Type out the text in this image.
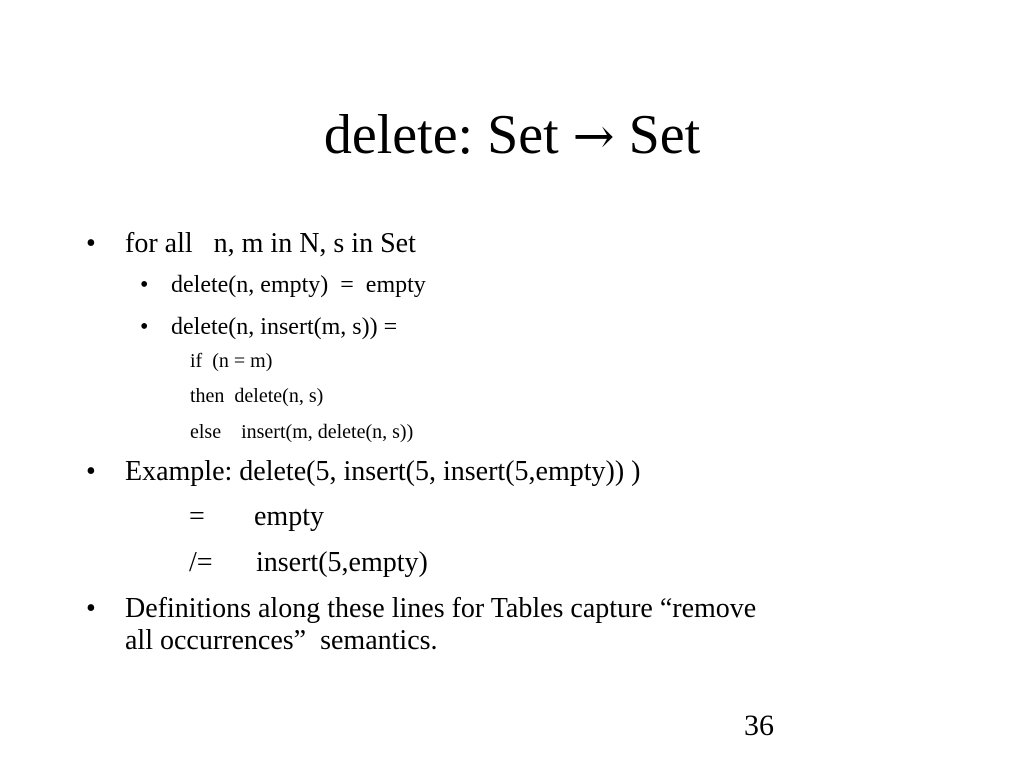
delete: Set → Set
• for all   n, m in N, s in Set
• delete(n, empty)  =  empty
• delete(n, insert(m, s)) =
if  (n = m)
then  delete(n, s)
else    insert(m, delete(n, s))
• Example: delete(5, insert(5, insert(5,empty)) )
= empty
/= insert(5,empty)
• Definitions along these lines for Tables capture “remove
all occurrences”  semantics.
36
